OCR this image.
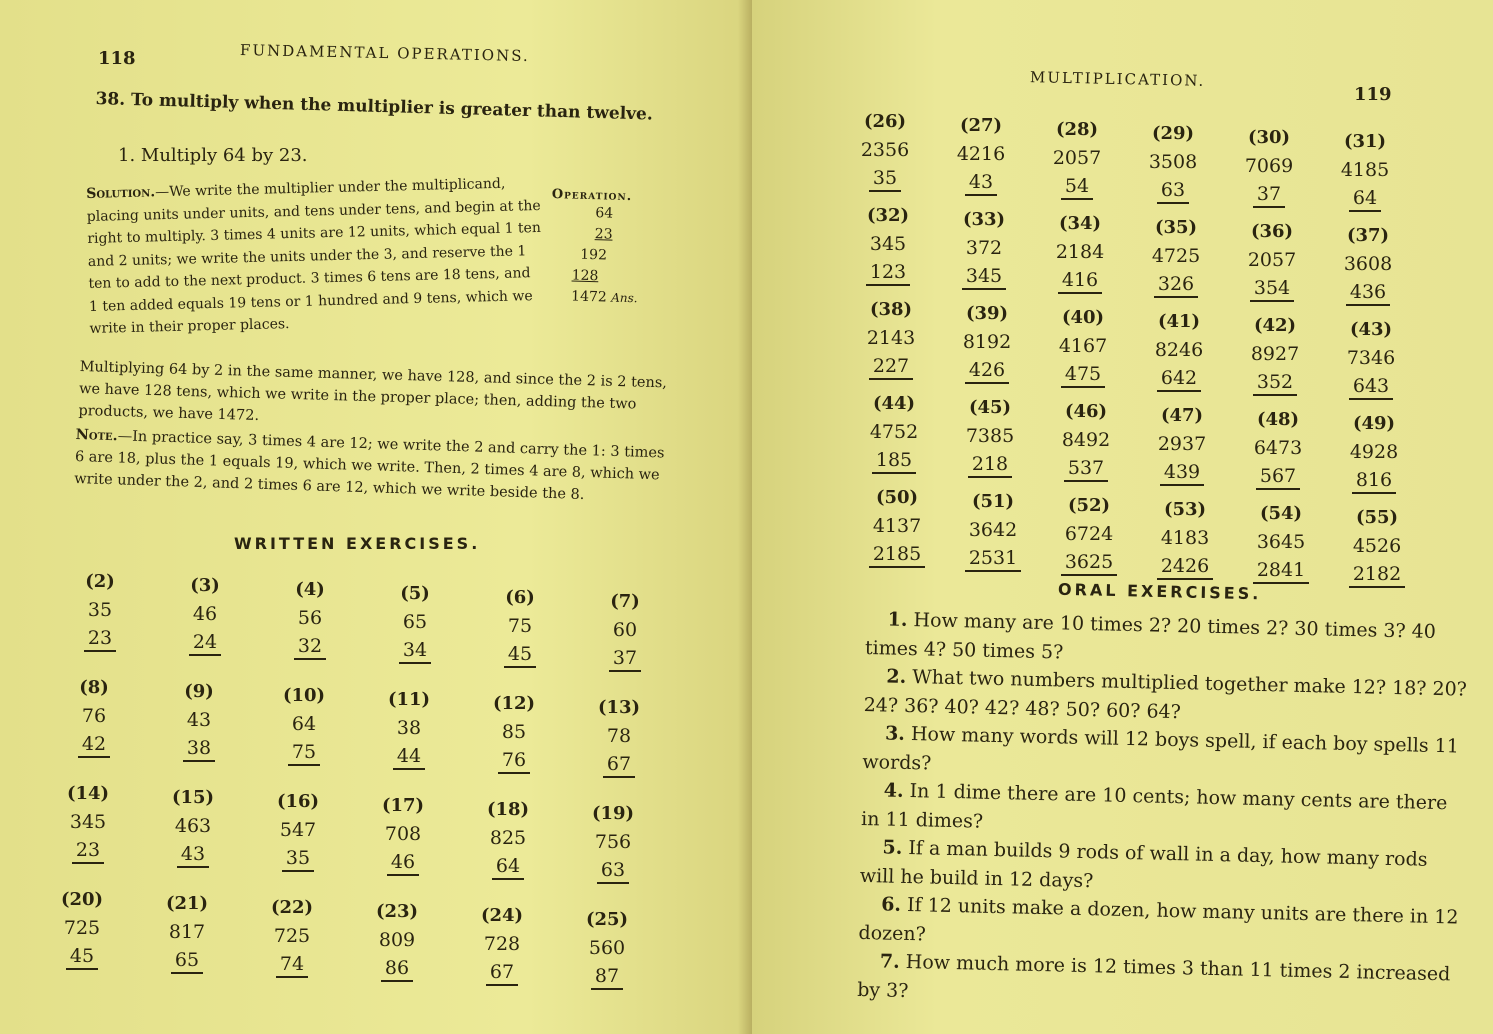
118	FUNDAMENTAL OPERATIONS.
38. To multiply when the multiplier is greater than twelve.
1. Multiply 64 by 23.
Solution.—We write the multiplier under the multiplicand, placing units under units, and tens under tens, and begin at the right to multiply. 3 times 4 units are 12 units, which equal 1 ten and 2 units; we write the units under the 3, and reserve the 1 ten to add to the next product. 3 times 6 tens are 18 tens, and 1 ten added equals 19 tens or 1 hundred and 9 tens, which we write in their proper places.
Operation.
64
23
192
128
1472 Ans.
Multiplying 64 by 2 in the same manner, we have 128, and since the 2 is 2 tens, we have 128 tens, which we write in the proper place; then, adding the two products, we have 1472.
Note.—In practice say, 3 times 4 are 12; we write the 2 and carry the 1: 3 times 6 are 18, plus the 1 equals 19, which we write. Then, 2 times 4 are 8, which we write under the 2, and 2 times 6 are 12, which we write beside the 8.
WRITTEN EXERCISES.
(2)
35
23
(3)
46
24
(4)
56
32
(5)
65
34
(6)
75
45
(7)
60
37
(8)
76
42
(9)
43
38
(10)
64
75
(11)
38
44
(12)
85
76
(13)
78
67
(14)
345
23
(15)
463
43
(16)
547
35
(17)
708
46
(18)
825
64
(19)
756
63
(20)
725
45
(21)
817
65
(22)
725
74
(23)
809
86
(24)
728
67
(25)
560
87
MULTIPLICATION.
119
(26)
2356
35
(27)
4216
43
(28)
2057
54
(29)
3508
63
(30)
7069
37
(31)
4185
64
(32)
345
123
(33)
372
345
(34)
2184
416
(35)
4725
326
(36)
2057
354
(37)
3608
436
(38)
2143
227
(39)
8192
426
(40)
4167
475
(41)
8246
642
(42)
8927
352
(43)
7346
643
(44)
4752
185
(45)
7385
218
(46)
8492
537
(47)
2937
439
(48)
6473
567
(49)
4928
816
(50)
4137
2185
(51)
3642
2531
(52)
6724
3625
(53)
4183
2426
(54)
3645
2841
(55)
4526
2182
ORAL EXERCISES.

1. How many are 10 times 2? 20 times 2? 30 times 3? 40 times 4? 50 times 5?

2. What two numbers multiplied together make 12? 18? 20? 24? 36? 40? 42? 48? 50? 60? 64?

3. How many words will 12 boys spell, if each boy spells 11 words?

4. In 1 dime there are 10 cents; how many cents are there in 11 dimes?

5. If a man builds 9 rods of wall in a day, how many rods will he build in 12 days?

6. If 12 units make a dozen, how many units are there in 12 dozen?

7. How much more is 12 times 3 than 11 times 2 increased by 3?
